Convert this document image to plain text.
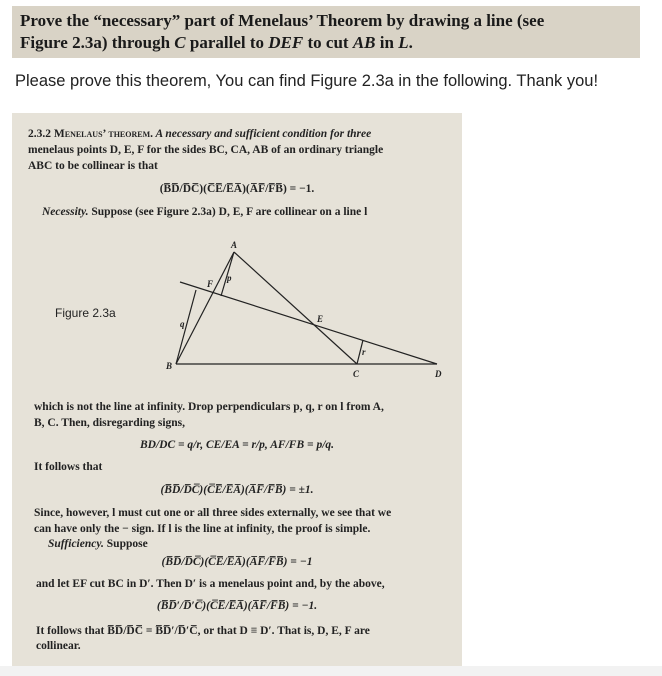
Prove the “necessary” part of Menelaus’ Theorem by drawing a line (see
Figure 2.3a) through C parallel to DEF to cut AB in L.
Please prove this theorem, You can find Figure 2.3a in the following. Thank you!
2.3.2 Menelaus’ theorem. A necessary and sufficient condition for three
menelaus points D, E, F for the sides BC, CA, AB of an ordinary triangle
ABC to be collinear is that
(B̅D̅/D̅C̅)(C̅E̅/E̅A̅)(A̅F̅/F̅B̅) = −1.
Necessity. Suppose (see Figure 2.3a) D, E, F are collinear on a line l
Figure 2.3a
A
B
C	D
E
F
p
q
r
which is not the line at infinity. Drop perpendiculars p, q, r on l from A,
B, C. Then, disregarding signs,
BD/DC = q/r, CE/EA = r/p, AF/FB = p/q.
It follows that
(B̅D̅/D̅C̅)(C̅E̅/E̅A̅)(A̅F̅/F̅B̅) = ±1.
Since, however, l must cut one or all three sides externally, we see that we
can have only the − sign. If l is the line at infinity, the proof is simple.
Sufficiency. Suppose
(B̅D̅/D̅C̅)(C̅E̅/E̅A̅)(A̅F̅/F̅B̅) = −1
and let EF cut BC in D′. Then D′ is a menelaus point and, by the above,
(B̅D̅′/D̅′C̅)(C̅E̅/E̅A̅)(A̅F̅/F̅B̅) = −1.
It follows that B̅D̅/D̅C̅ = B̅D̅′/D̅′C̅, or that D ≡ D′. That is, D, E, F are
collinear.
